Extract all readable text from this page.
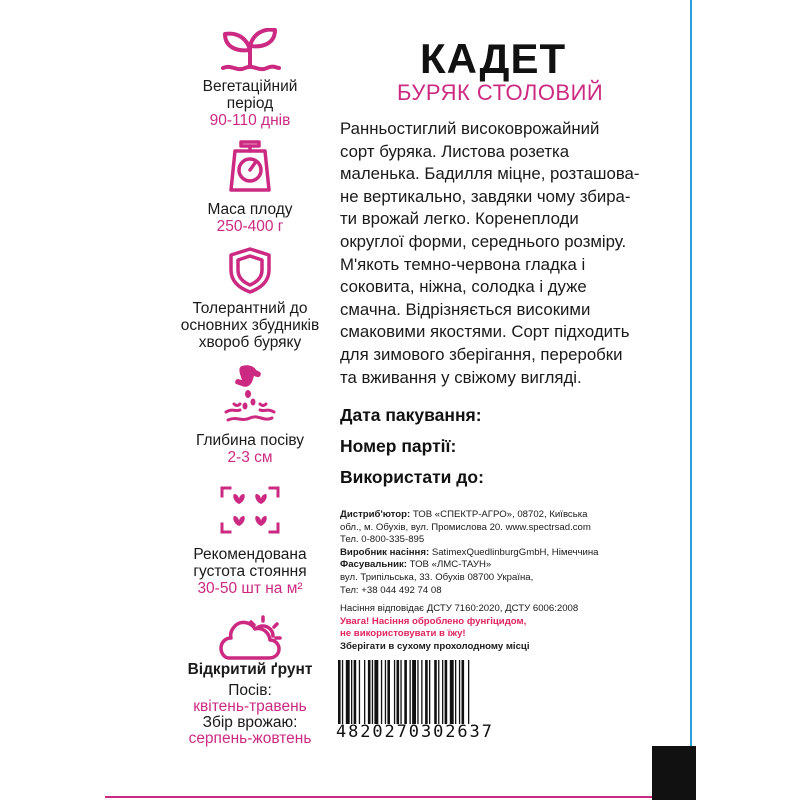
Вегетаційний
період
90-110 днів
Маса плоду
250-400 г
Толерантний до
основних збудників
хвороб буряку
Глибина посіву
2-3 см
Рекомендована
густота стояння
30-50 шт на м²
Відкритий ґрунт
Посів:
квітень-травень
Збір врожаю:
серпень-жовтень
КАДЕТ
БУРЯК СТОЛОВИЙ
Ранньостиглий високоврожайний
сорт буряка. Листова розетка
маленька. Бадилля міцне, розташова-
не вертикально, завдяки чому збира-
ти врожай легко. Коренеплоди
округлої форми, середнього розміру.
М'якоть темно-червона гладка і
соковита, ніжна, солодка і дуже
смачна. Відрізняється високими
смаковими якостями. Сорт підходить
для зимового зберігання, переробки
та вживання у свіжому вигляді.
Дата пакування:
Номер партії:
Використати до:
Дистриб'ютор: ТОВ «СПЕКТР-АГРО», 08702, Київська
обл., м. Обухів, вул. Промислова 20. www.spectrsad.com
Тел. 0-800-335-895
Виробник насіння: SatimexQuedlinburgGmbH, Німеччина
Фасувальник: ТОВ «ЛМС-ТАУН»
вул. Трипільська, 33. Обухів 08700 Україна,
Тел: +38 044 492 74 08
Насіння відповідає ДСТУ 7160:2020, ДСТУ 6006:2008
Увага! Насіння оброблено фунгіцидом,
не використовувати в їжу!
Зберігати в сухому прохолодному місці
4820270302637
